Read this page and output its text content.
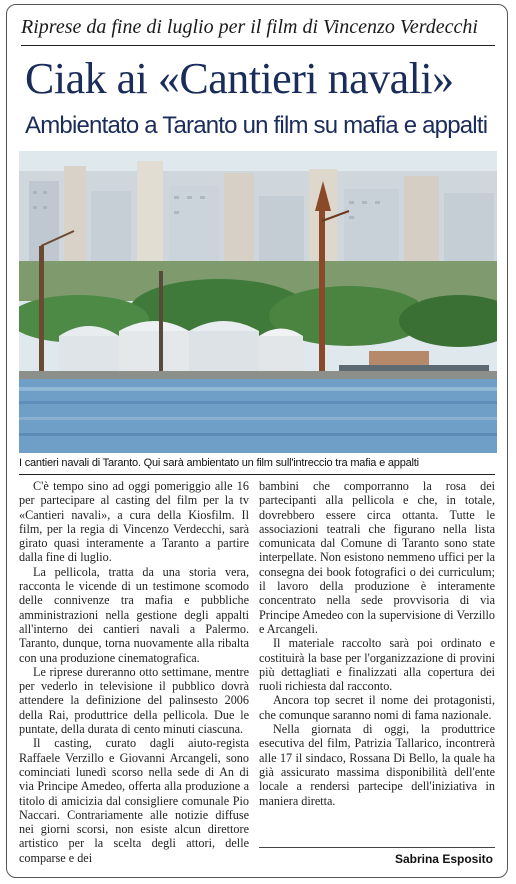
Riprese da fine di luglio per il film di Vincenzo Verdecchi
Ciak ai «Cantieri navali»
Ambientato a Taranto un film su mafia e appalti
I cantieri navali di Taranto. Qui sarà ambientato un film sull'intreccio tra mafia e appalti

C'è tempo sino ad oggi pomeriggio alle 16 per partecipare al casting del film per la tv «Cantieri navali», a cura della Kiosfilm. Il film, per la regia di Vincenzo Verdecchi, sarà girato quasi interamente a Taranto a partire dalla fine di luglio.

La pellicola, tratta da una storia vera, racconta le vicende di un testimone scomodo delle connivenze tra mafia e pubbliche amministrazioni nella gestione degli appalti all'interno dei cantieri navali a Palermo. Taranto, dunque, torna nuovamente alla ribalta con una produzione cinematografica.

Le riprese dureranno otto settimane, mentre per vederlo in televisione il pubblico dovrà attendere la definizione del palinsesto 2006 della Rai, produttrice della pellicola. Due le puntate, della durata di cento minuti ciascuna.

Il casting, curato dagli aiuto-regista Raffaele Verzillo e Giovanni Arcangeli, sono cominciati lunedì scorso nella sede di An di via Principe Amedeo, offerta alla produzione a titolo di amicizia dal consigliere comunale Pio Naccari. Contrariamente alle notizie diffuse nei giorni scorsi, non esiste alcun direttore artistico per la scelta degli attori, delle comparse e dei

bambini che comporranno la rosa dei partecipanti alla pellicola e che, in totale, dovrebbero essere circa ottanta. Tutte le associazioni teatrali che figurano nella lista comunicata dal Comune di Taranto sono state interpellate. Non esistono nemmeno uffici per la consegna dei book fotografici o dei curriculum; il lavoro della produzione è interamente concentrato nella sede provvisoria di via Principe Amedeo con la supervisione di Verzillo e Arcangeli.

Il materiale raccolto sarà poi ordinato e costituirà la base per l'organizzazione di provini più dettagliati e finalizzati alla copertura dei ruoli richiesta dal racconto.

Ancora top secret il nome dei protagonisti, che comunque saranno nomi di fama nazionale.

Nella giornata di oggi, la produttrice esecutiva del film, Patrizia Tallarico, incontrerà alle 17 il sindaco, Rossana Di Bello, la quale ha già assicurato massima disponibilità dell'ente locale a rendersi partecipe dell'iniziativa in maniera diretta.

Sabrina Esposito
